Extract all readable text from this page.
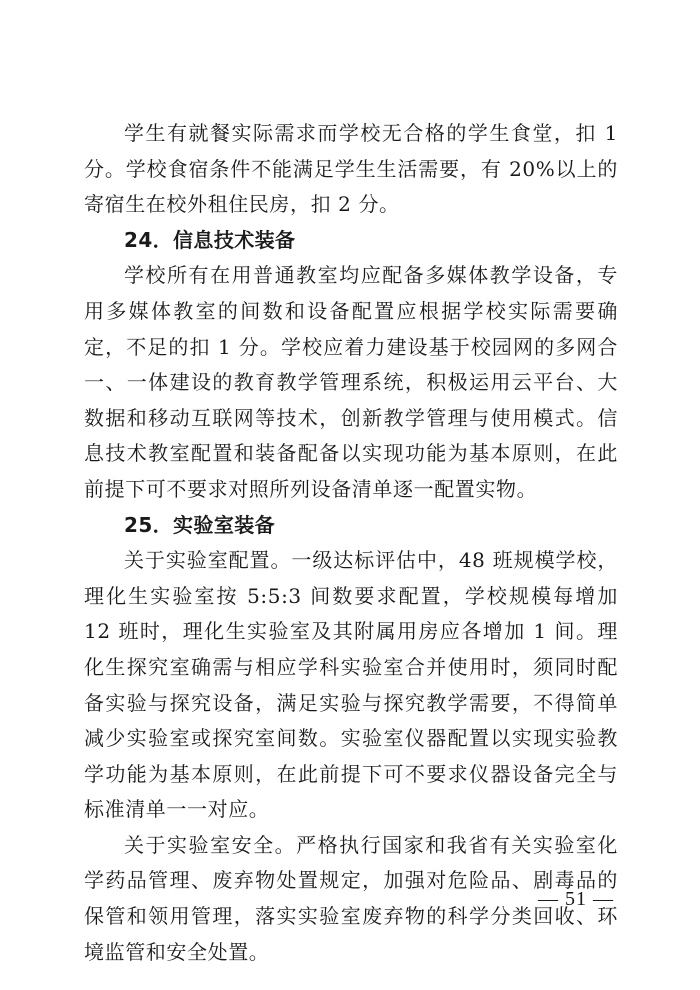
学生有就餐实际需求而学校无合格的学生食堂，扣 1 分。学校食宿条件不能满足学生生活需要，有 20%以上的寄宿生在校外租住民房，扣 2 分。

24．信息技术装备

学校所有在用普通教室均应配备多媒体教学设备，专用多媒体教室的间数和设备配置应根据学校实际需要确定，不足的扣 1 分。学校应着力建设基于校园网的多网合一、一体建设的教育教学管理系统，积极运用云平台、大数据和移动互联网等技术，创新教学管理与使用模式。信息技术教室配置和装备配备以实现功能为基本原则，在此前提下可不要求对照所列设备清单逐一配置实物。

25．实验室装备

关于实验室配置。一级达标评估中，48 班规模学校，理化生实验室按 5:5:3 间数要求配置，学校规模每增加 12 班时，理化生实验室及其附属用房应各增加 1 间。理化生探究室确需与相应学科实验室合并使用时，须同时配备实验与探究设备，满足实验与探究教学需要，不得简单减少实验室或探究室间数。实验室仪器配置以实现实验教学功能为基本原则，在此前提下可不要求仪器设备完全与标准清单一一对应。

关于实验室安全。严格执行国家和我省有关实验室化学药品管理、废弃物处置规定，加强对危险品、剧毒品的保管和领用管理，落实实验室废弃物的科学分类回收、环境监管和安全处置。

— 51 —
